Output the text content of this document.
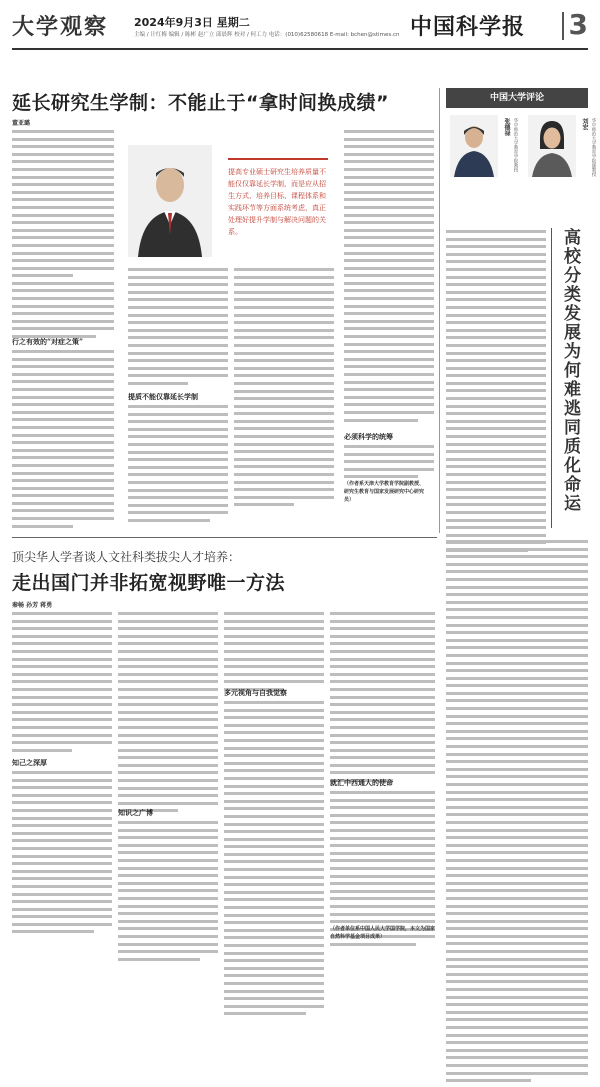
大学观察 2024年9月3日 星期二
主编 / 计红梅 编辑 / 陈彬 赵广立 邱晨辉 校对 / 何工力 电话：(010)62580618 E-mail: bchen@stimes.cn 中国科学报 3
延长研究生学制：不能止于“拿时间换成绩”
董亚璐
行之有效的“对症之策”
提高专业硕士研究生培养质量不能仅仅靠延长学制，而是应从招生方式、培养目标、课程体系和实践环节等方面系统考虑，真正处理好提升学制与解决问题的关系。
提质不能仅靠延长学制
必须科学的统筹
（作者系天津大学教育学院副教授、研究生教育与国家发展研究中心研究员）
中国大学评论
张德禄 华中师范大学教育学院教授	刘宏 华中师范大学教育学院副教授
高校分类发展为何难逃同质化命运
顶尖华人学者谈人文社科类拔尖人才培养：
走出国门并非拓宽视野唯一方法
秦畅 孙芳 蒋勇
知己之深厚
知识之广博
多元视角与自我觉察
就汇中西通人的使命
（作者单位系中国人民大学国学院，本文为国家自然科学基金项目成果）
